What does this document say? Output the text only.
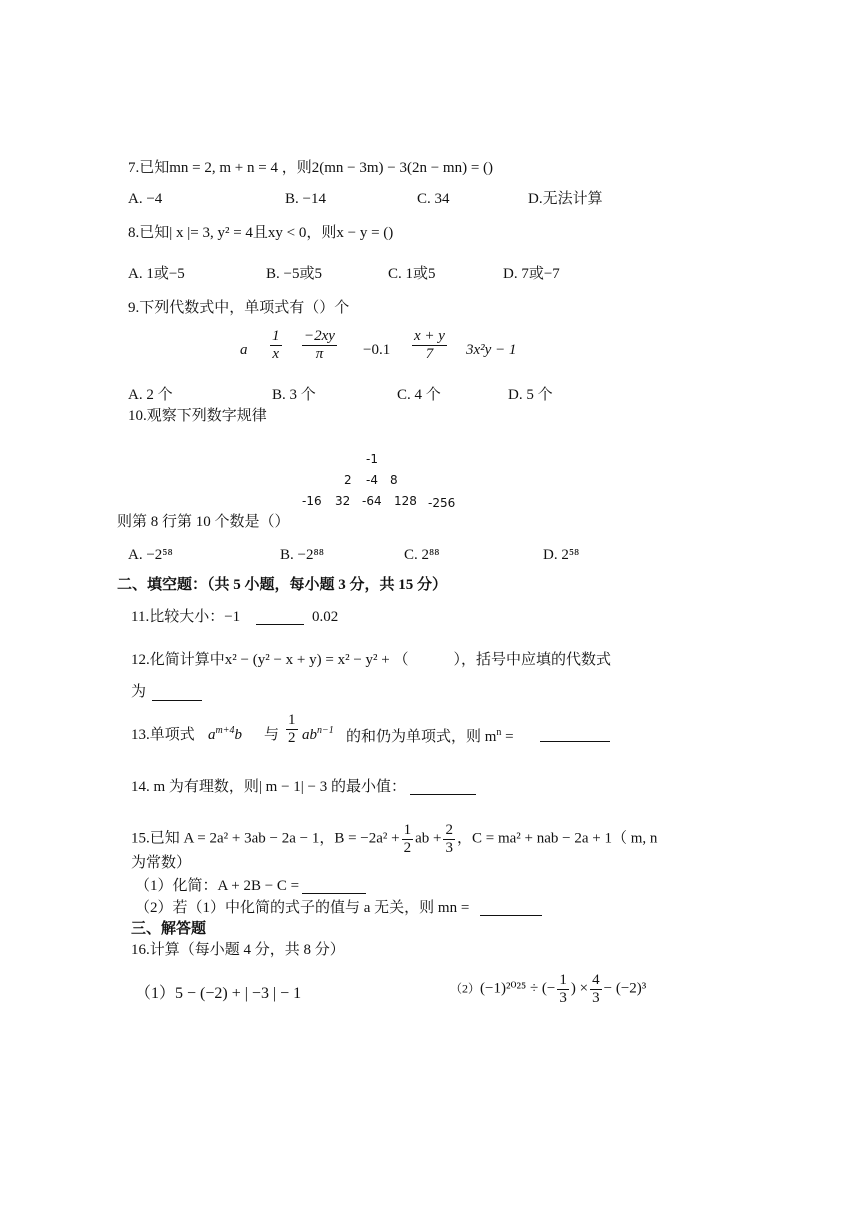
7.已知mn = 2, m + n = 4 ，则2(mn − 3m) − 3(2n − mn) = ()
A. −4	B. −14	C. 34	D.无法计算
8.已知| x |= 3, y² = 4且xy < 0，则x − y = ()
A. 1或−5	B. −5或5	C. 1或5	D. 7或−7
9.下列代数式中，单项式有（）个
a $\frac{1}{x} \frac{-2xy}{\pi} -0.1 \frac{x + y}{7} 3x^2y - 1$
A. 2 个	B. 3 个	C. 4 个	D. 5 个
10.观察下列数字规律
-1
2 -4 8
-16 32 -64 128 -256
则第 8 行第 10 个数是（）
A. −2⁵⁸	B. −2⁸⁸	C. 2⁸⁸	D. 2⁵⁸
二、填空题：（共 5 小题，每小题 3 分，共 15 分）
11.比较大小：−1	0.02
12.化简计算中x² − (y² − x + y) = x² − y² + （　　　），括号中应填的代数式
为
13.单项式 $a^{m+4}b$ 与 $\frac{1}{2} ab^{n-1}$ 的和仍为单项式，则 $m^n$ =
14. m 为有理数，则| m − 1| − 3 的最小值：
15.已知 A = 2a² + 3ab − 2a − 1，$B = -2a^2 + \frac{1}{2}$ ab + $\frac{2}{3}$ ，C = ma² + nab − 2a + 1（ m, n
为常数）
（1）化简：A + 2B − C =
（2）若（1）中化简的式子的值与 a 无关，则 mn =
三、解答题
16.计算（每小题 4 分，共 8 分）
（1）5 − (−2) + | −3 | − 1	（2）(−1)²⁰²⁵ ÷ (− $\frac{1}{3}$ ) × $\frac{4}{3} - (-2)^3$
